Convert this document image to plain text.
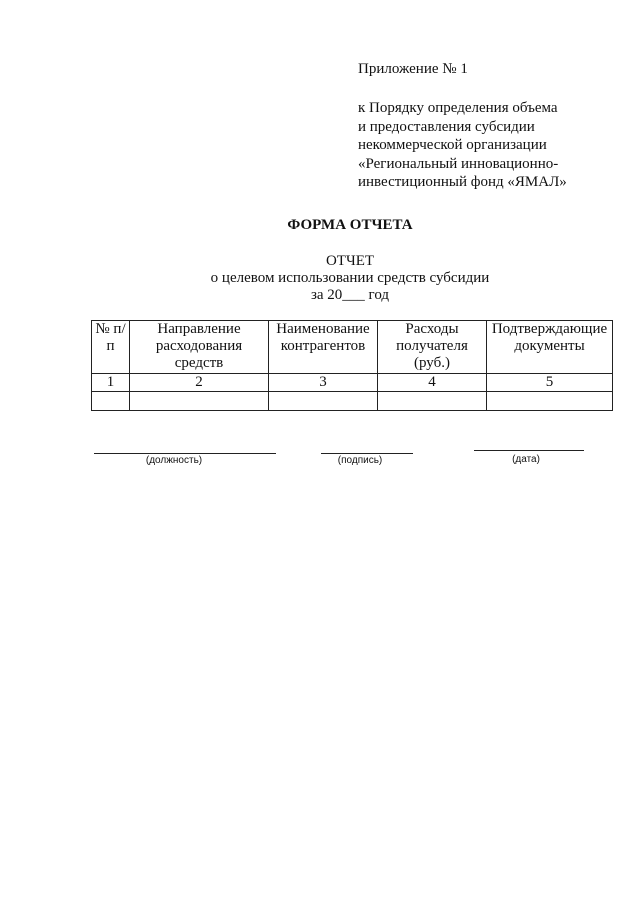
Приложение № 1
к Порядку определения объема
и предоставления субсидии
некоммерческой организации
«Региональный инновационно-
инвестиционный фонд «ЯМАЛ»
ФОРМА ОТЧЕТА
ОТЧЕТ
о целевом использовании средств субсидии
за 20___ год
№ п/п	Направление расходования средств	Наименование контрагентов	Расходы получателя (руб.)	Подтверждающие документы
1	2	3	4	5

(должность)	(подпись)	(дата)
